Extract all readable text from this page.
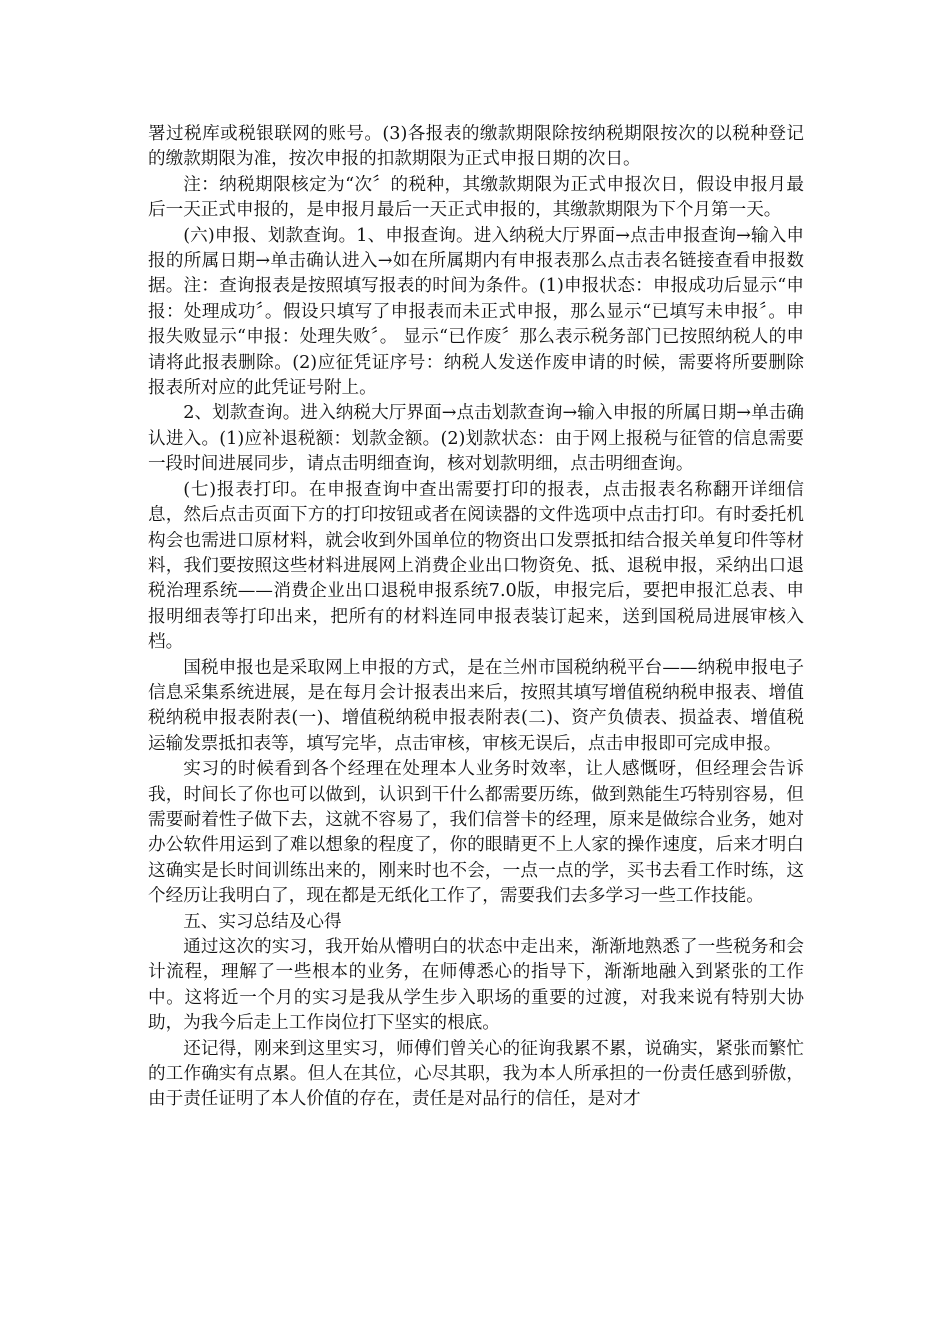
署过税库或税银联网的账号。(3)各报表的缴款期限除按纳税期限按次的以税种登记的缴款期限为准，按次申报的扣款期限为正式申报日期的次日。

注：纳税期限核定为“次〞的税种，其缴款期限为正式申报次日，假设申报月最后一天正式申报的，是申报月最后一天正式申报的，其缴款期限为下个月第一天。

(六)申报、划款查询。1、申报查询。进入纳税大厅界面→点击申报查询→输入申报的所属日期→单击确认进入→如在所属期内有申报表那么点击表名链接查看申报数据。注：查询报表是按照填写报表的时间为条件。(1)申报状态：申报成功后显示“申报：处理成功〞。假设只填写了申报表而未正式申报，那么显示“已填写未申报〞。申报失败显示“申报：处理失败〞。 显示“已作废〞那么表示税务部门已按照纳税人的申请将此报表删除。(2)应征凭证序号：纳税人发送作废申请的时候，需要将所要删除报表所对应的此凭证号附上。

2、划款查询。进入纳税大厅界面→点击划款查询→输入申报的所属日期→单击确认进入。(1)应补退税额：划款金额。(2)划款状态：由于网上报税与征管的信息需要一段时间进展同步，请点击明细查询，核对划款明细，点击明细查询。

(七)报表打印。在申报查询中查出需要打印的报表，点击报表名称翻开详细信息，然后点击页面下方的打印按钮或者在阅读器的文件选项中点击打印。有时委托机构会也需进口原材料，就会收到外国单位的物资出口发票抵扣结合报关单复印件等材料，我们要按照这些材料进展网上消费企业出口物资免、抵、退税申报，采纳出口退税治理系统——消费企业出口退税申报系统7.0版，申报完后，要把申报汇总表、申报明细表等打印出来，把所有的材料连同申报表装订起来，送到国税局进展审核入档。

国税申报也是采取网上申报的方式，是在兰州市国税纳税平台——纳税申报电子信息采集系统进展，是在每月会计报表出来后，按照其填写增值税纳税申报表、增值税纳税申报表附表(一)、增值税纳税申报表附表(二)、资产负债表、损益表、增值税运输发票抵扣表等，填写完毕，点击审核，审核无误后，点击申报即可完成申报。

实习的时候看到各个经理在处理本人业务时效率，让人感慨呀，但经理会告诉我，时间长了你也可以做到，认识到干什么都需要历练，做到熟能生巧特别容易，但需要耐着性子做下去，这就不容易了，我们信誉卡的经理，原来是做综合业务，她对办公软件用运到了难以想象的程度了，你的眼睛更不上人家的操作速度，后来才明白这确实是长时间训练出来的，刚来时也不会，一点一点的学，买书去看工作时练，这个经历让我明白了，现在都是无纸化工作了，需要我们去多学习一些工作技能。

五、实习总结及心得

通过这次的实习，我开始从懵明白的状态中走出来，渐渐地熟悉了一些税务和会计流程，理解了一些根本的业务，在师傅悉心的指导下，渐渐地融入到紧张的工作中。这将近一个月的实习是我从学生步入职场的重要的过渡，对我来说有特别大协助，为我今后走上工作岗位打下坚实的根底。

还记得，刚来到这里实习，师傅们曾关心的征询我累不累，说确实，紧张而繁忙的工作确实有点累。但人在其位，心尽其职，我为本人所承担的一份责任感到骄傲，由于责任证明了本人价值的存在，责任是对品行的信任，是对才
